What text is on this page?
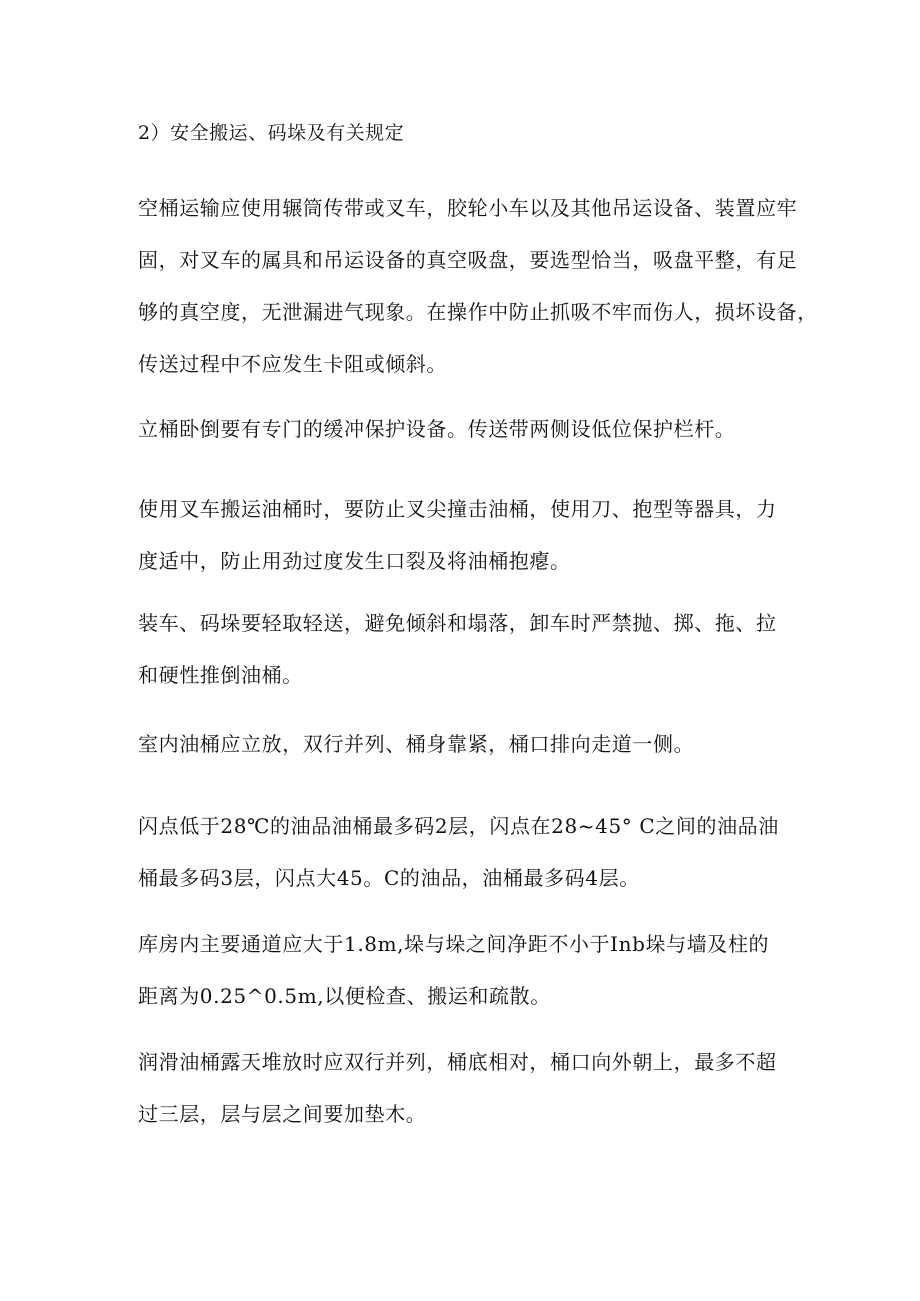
2）安全搬运、码垛及有关规定

空桶运输应使用辗筒传带或叉车，胶轮小车以及其他吊运设备、装置应牢
固，对叉车的属具和吊运设备的真空吸盘，要选型恰当，吸盘平整，有足
够的真空度，无泄漏进气现象。在操作中防止抓吸不牢而伤人，损坏设备，
传送过程中不应发生卡阻或倾斜。

立桶卧倒要有专门的缓冲保护设备。传送带两侧设低位保护栏杆。

使用叉车搬运油桶时，要防止叉尖撞击油桶，使用刀、抱型等器具，力
度适中，防止用劲过度发生口裂及将油桶抱瘪。

装车、码垛要轻取轻送，避免倾斜和塌落，卸车时严禁抛、掷、拖、拉
和硬性推倒油桶。

室内油桶应立放，双行并列、桶身靠紧，桶口排向走道一侧。

闪点低于28℃的油品油桶最多码2层，闪点在28~45° C之间的油品油
桶最多码3层，闪点大45。C的油品，油桶最多码4层。

库房内主要通道应大于1.8m,垛与垛之间净距不小于Inb垛与墙及柱的
距离为0.25^0.5m,以便检查、搬运和疏散。

润滑油桶露天堆放时应双行并列，桶底相对，桶口向外朝上，最多不超
过三层，层与层之间要加垫木。
